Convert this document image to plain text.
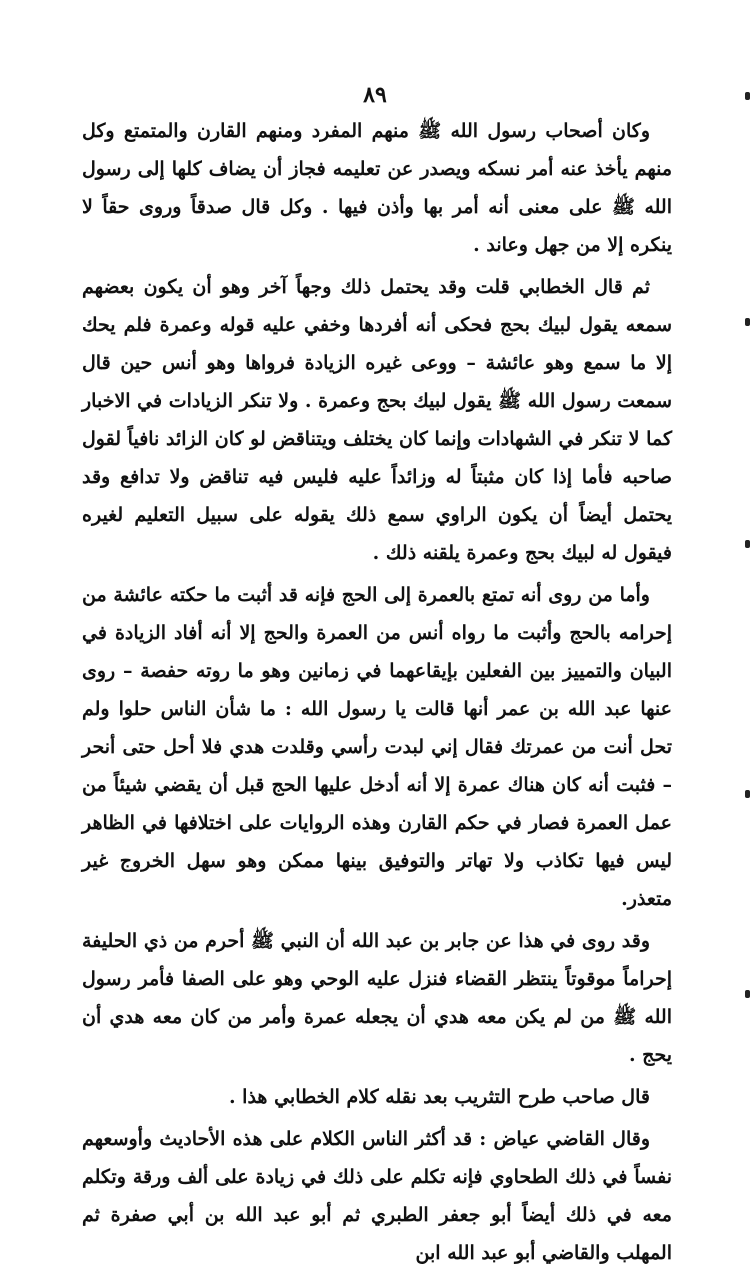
٨٩

وكان أصحاب رسول الله ﷺ منهم المفرد ومنهم القارن والمتمتع وكل منهم يأخذ عنه أمر نسكه ويصدر عن تعليمه فجاز أن يضاف كلها إلى رسول الله ﷺ على معنى أنه أمر بها وأذن فيها . وكل قال صدقاً وروى حقاً لا ينكره إلا من جهل وعاند .

ثم قال الخطابي قلت وقد يحتمل ذلك وجهاً آخر وهو أن يكون بعضهم سمعه يقول لبيك بحج فحكى أنه أفردها وخفي عليه قوله وعمرة فلم يحك إلا ما سمع وهو عائشة – ووعى غيره الزيادة فرواها وهو أنس حين قال سمعت رسول الله ﷺ يقول لبيك بحج وعمرة . ولا تنكر الزيادات في الاخبار كما لا تنكر في الشهادات وإنما كان يختلف ويتناقض لو كان الزائد نافياً لقول صاحبه فأما إذا كان مثبتاً له وزائداً عليه فليس فيه تناقض ولا تدافع وقد يحتمل أيضاً أن يكون الراوي سمع ذلك يقوله على سبيل التعليم لغيره فيقول له لبيك بحج وعمرة يلقنه ذلك .

وأما من روى أنه تمتع بالعمرة إلى الحج فإنه قد أثبت ما حكته عائشة من إحرامه بالحج وأثبت ما رواه أنس من العمرة والحج إلا أنه أفاد الزيادة في البيان والتمييز بين الفعلين بإيقاعهما في زمانين وهو ما روته حفصة – روى عنها عبد الله بن عمر أنها قالت يا رسول الله : ما شأن الناس حلوا ولم تحل أنت من عمرتك فقال إني لبدت رأسي وقلدت هدي فلا أحل حتى أنحر – فثبت أنه كان هناك عمرة إلا أنه أدخل عليها الحج قبل أن يقضي شيئاً من عمل العمرة فصار في حكم القارن وهذه الروايات على اختلافها في الظاهر ليس فيها تكاذب ولا تهاتر والتوفيق بينها ممكن وهو سهل الخروج غير متعذر.

وقد روى في هذا عن جابر بن عبد الله أن النبي ﷺ أحرم من ذي الحليفة إحراماً موقوتاً ينتظر القضاء فنزل عليه الوحي وهو على الصفا فأمر رسول الله ﷺ من لم يكن معه هدي أن يجعله عمرة وأمر من كان معه هدي أن يحج .

قال صاحب طرح التثريب بعد نقله كلام الخطابي هذا .

وقال القاضي عياض : قد أكثر الناس الكلام على هذه الأحاديث وأوسعهم نفساً في ذلك الطحاوي فإنه تكلم على ذلك في زيادة على ألف ورقة وتكلم معه في ذلك أيضاً أبو جعفر الطبري ثم أبو عبد الله بن أبي صفرة ثم المهلب والقاضي أبو عبد الله ابن
